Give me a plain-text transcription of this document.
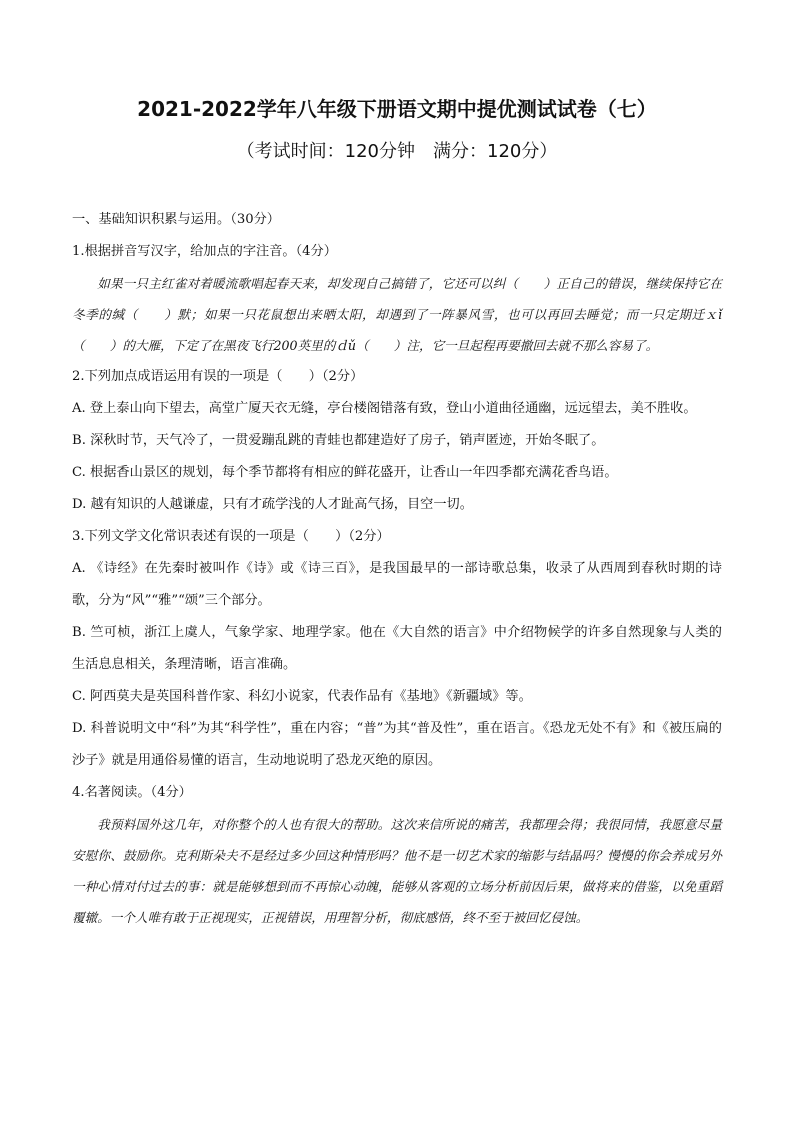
2021-2022学年八年级下册语文期中提优测试试卷（七）

（考试时间：120分钟　满分：120分）

一、基础知识积累与运用。（30分）

1.根据拼音写汉字，给加点的字注音。（4分）

如果一只主红雀对着暖流歌唱起春天来，却发现自己搞错了，它还可以纠（　　）正自己的错误，继续保持它在冬季的缄（　　）默；如果一只花鼠想出来晒太阳，却遇到了一阵暴风雪，也可以再回去睡觉；而一只定期迁ｘǐ（　　）的大雁，下定了在黑夜飞行200英里的ｄǔ（　　）注，它一旦起程再要撤回去就不那么容易了。

2.下列加点成语运用有误的一项是（　　）（2分）

A. 登上泰山向下望去，高堂广厦天衣无缝，亭台楼阁错落有致，登山小道曲径通幽，远远望去，美不胜收。

B. 深秋时节，天气冷了，一贯爱蹦乱跳的青蛙也都建造好了房子，销声匿迹，开始冬眠了。

C. 根据香山景区的规划，每个季节都将有相应的鲜花盛开，让香山一年四季都充满花香鸟语。

D. 越有知识的人越谦虚，只有才疏学浅的人才趾高气扬，目空一切。

3.下列文学文化常识表述有误的一项是（　　）（2分）

A. 《诗经》在先秦时被叫作《诗》或《诗三百》，是我国最早的一部诗歌总集，收录了从西周到春秋时期的诗歌，分为“风”“雅”“颂”三个部分。

B. 竺可桢，浙江上虞人，气象学家、地理学家。他在《大自然的语言》中介绍物候学的许多自然现象与人类的生活息息相关，条理清晰，语言准确。

C. 阿西莫夫是英国科普作家、科幻小说家，代表作品有《基地》《新疆域》等。

D. 科普说明文中“科”为其“科学性”，重在内容；“普”为其“普及性”，重在语言。《恐龙无处不有》和《被压扁的沙子》就是用通俗易懂的语言，生动地说明了恐龙灭绝的原因。

4.名著阅读。（4分）

我预料国外这几年，对你整个的人也有很大的帮助。这次来信所说的痛苦，我都理会得；我很同情，我愿意尽量安慰你、鼓励你。克利斯朵夫不是经过多少回这种情形吗？他不是一切艺术家的缩影与结晶吗？慢慢的你会养成另外一种心情对付过去的事：就是能够想到而不再惊心动魄，能够从客观的立场分析前因后果，做将来的借鉴，以免重蹈覆辙。一个人唯有敢于正视现实，正视错误，用理智分析，彻底感悟，终不至于被回忆侵蚀。
